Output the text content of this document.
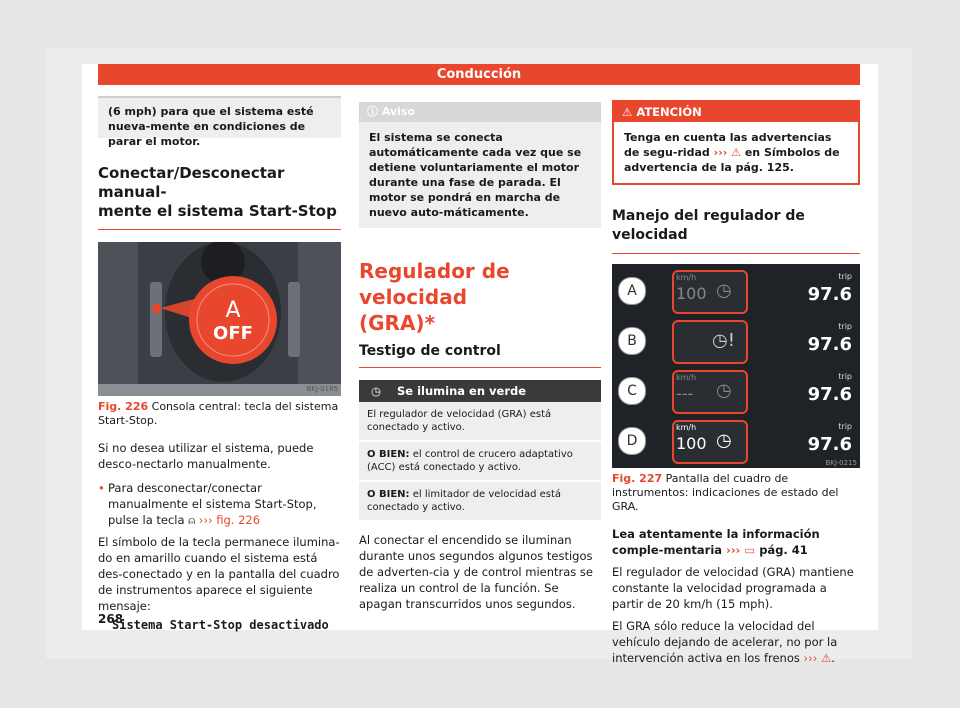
Conducción
(6 mph) para que el sistema esté nueva-mente en condiciones de parar el motor.
Conectar/Desconectar manual-
mente el sistema Start-Stop
A
OFF
BKJ-0185
Fig. 226 Consola central: tecla del sistema Start-Stop.
Si no desea utilizar el sistema, puede desco-nectarlo manualmente.
• Para desconectar/conectar manualmente el sistema Start-Stop, pulse la tecla ⍝ ››› fig. 226
El símbolo de la tecla permanece ilumina-do en amarillo cuando el sistema está des-conectado y en la pantalla del cuadro de instrumentos aparece el siguiente mensaje:
Sistema Start-Stop desactivado
ⓘ Aviso
El sistema se conecta automáticamente cada vez que se detiene voluntariamente el motor durante una fase de parada. El motor se pondrá en marcha de nuevo auto-máticamente.
Regulador de velocidad
(GRA)*
Testigo de control
◷ Se ilumina en verde
El regulador de velocidad (GRA) está conectado y activo.
O BIEN: el control de crucero adaptativo (ACC) está conectado y activo.
O BIEN: el limitador de velocidad está conectado y activo.
Al conectar el encendido se iluminan durante unos segundos algunos testigos de adverten-cia y de control mientras se realiza un control de la función. Se apagan transcurridos unos segundos.
⚠ ATENCIÓN
Tenga en cuenta las advertencias de segu-ridad ››› ⚠ en Símbolos de advertencia de la pág. 125.
Manejo del regulador de velocidad
A
km/h
100 ◷
trip
97.6
B	◷!
trip
97.6
C
km/h
--- ◷
trip
97.6
D
km/h
100 ◷
trip
97.6
BKJ-0215
Fig. 227 Pantalla del cuadro de instrumentos: indicaciones de estado del GRA.
Lea atentamente la información comple-mentaria ››› ▭ pág. 41
El regulador de velocidad (GRA) mantiene constante la velocidad programada a partir de 20 km/h (15 mph).
El GRA sólo reduce la velocidad del vehículo dejando de acelerar, no por la intervención activa en los frenos ››› ⚠.
268
